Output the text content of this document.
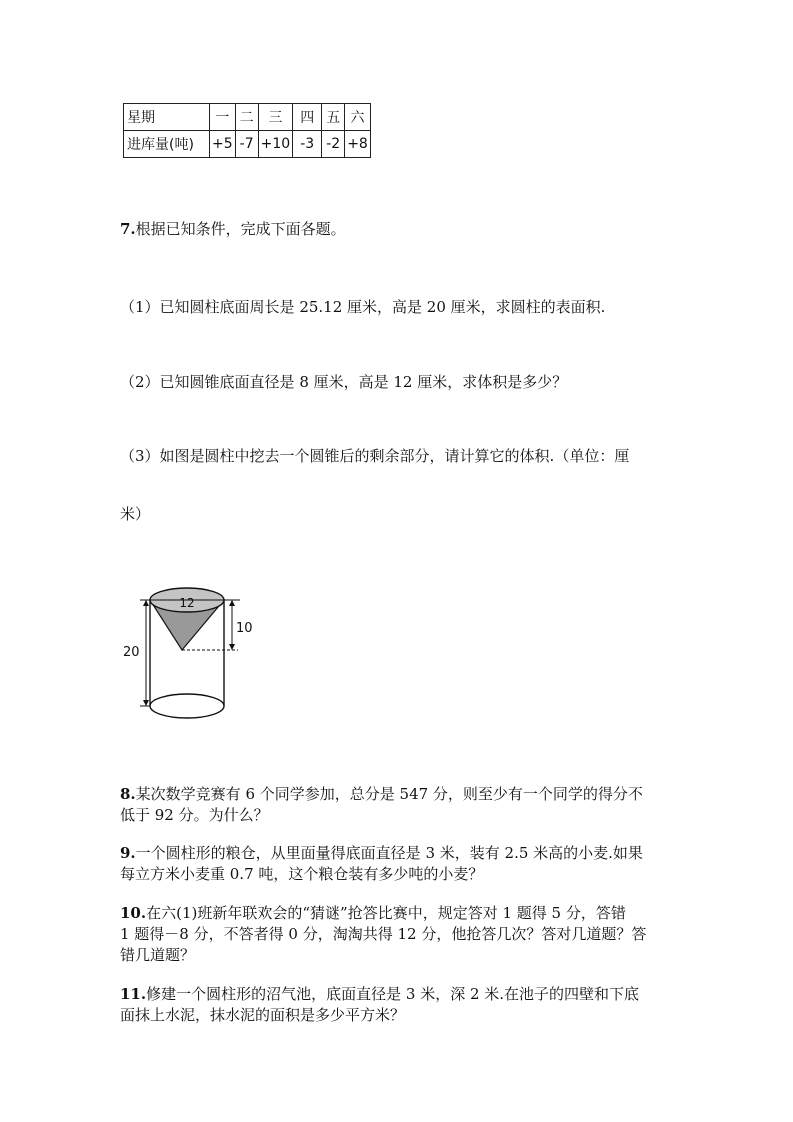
星期	一	二	三	四	五	六
进库量(吨)	+5	-7	+10	-3	-2	+8
7.根据已知条件，完成下面各题。
（1）已知圆柱底面周长是 25.12 厘米，高是 20 厘米，求圆柱的表面积.
（2）已知圆锥底面直径是 8 厘米，高是 12 厘米，求体积是多少？
（3）如图是圆柱中挖去一个圆锥后的剩余部分，请计算它的体积.（单位：厘
米）
12
10
20
8.某次数学竞赛有 6 个同学参加，总分是 547 分，则至少有一个同学的得分不
低于 92 分。为什么？
9.一个圆柱形的粮仓，从里面量得底面直径是 3 米，装有 2.5 米高的小麦.如果
每立方米小麦重 0.7 吨，这个粮仓装有多少吨的小麦？
10.在六(1)班新年联欢会的“猜谜”抢答比赛中，规定答对 1 题得 5 分，答错
1 题得－8 分，不答者得 0 分，淘淘共得 12 分，他抢答几次？答对几道题？答
错几道题？
11.修建一个圆柱形的沼气池，底面直径是 3 米，深 2 米.在池子的四壁和下底
面抹上水泥，抹水泥的面积是多少平方米？
